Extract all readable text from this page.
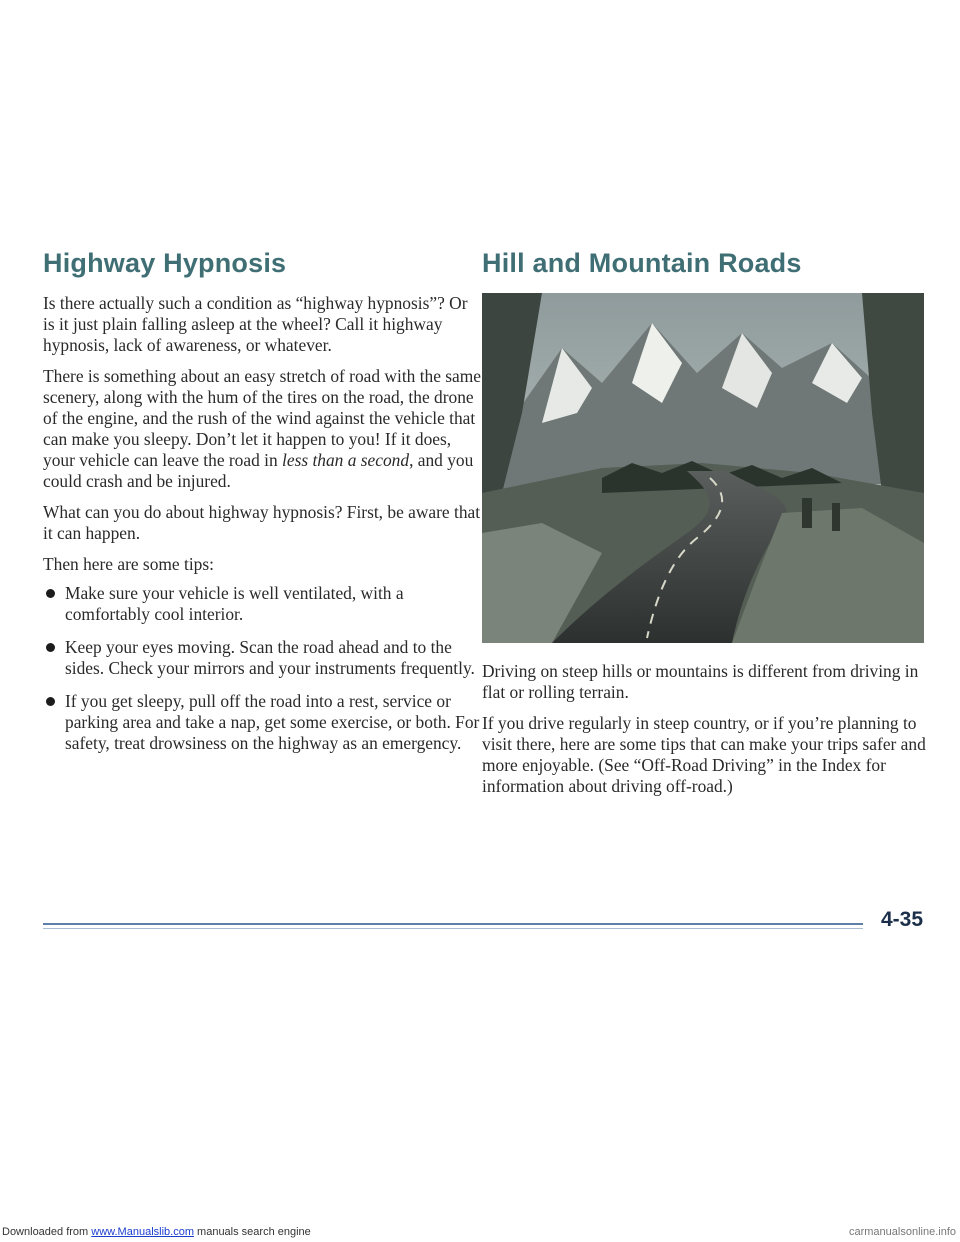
Highway Hypnosis

Is there actually such a condition as “highway hypnosis”? Or is it just plain falling asleep at the wheel? Call it highway hypnosis, lack of awareness, or whatever.

There is something about an easy stretch of road with the same scenery, along with the hum of the tires on the road, the drone of the engine, and the rush of the wind against the vehicle that can make you sleepy. Don’t let it happen to you! If it does, your vehicle can leave the road in less than a second, and you could crash and be injured.

What can you do about highway hypnosis? First, be aware that it can happen.

Then here are some tips:

Make sure your vehicle is well ventilated, with a comfortably cool interior.
Keep your eyes moving. Scan the road ahead and to the sides. Check your mirrors and your instruments frequently.
If you get sleepy, pull off the road into a rest, service or parking area and take a nap, get some exercise, or both. For safety, treat drowsiness on the highway as an emergency.
Hill and Mountain Roads

Driving on steep hills or mountains is different from driving in flat or rolling terrain.

If you drive regularly in steep country, or if you’re planning to visit there, here are some tips that can make your trips safer and more enjoyable. (See “Off-Road Driving” in the Index for information about driving off-road.)

4-35
Downloaded from www.Manualslib.com manuals search engine	carmanualsonline.info
